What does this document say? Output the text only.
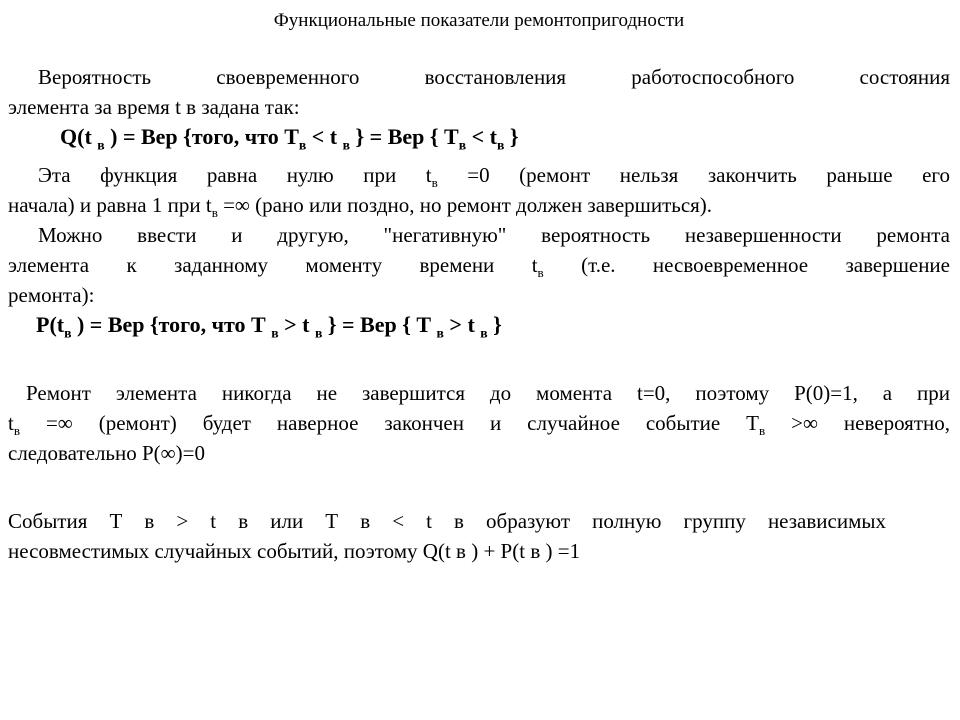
Функциональные показатели ремонтопригодности
Вероятность своевременного восстановления работоспособного состояния
элемента за время t в задана так:
Q(t $_в$ ) = Вер {того, что $Т_в < t$ $_в$ } = Вер { $Т_в < t_в$ }
Эта функция равна нулю при $t_в =0$ (ремонт нельзя закончить раньше его
начала) и равна 1 при $t_в$ =∞ (рано или поздно, но ремонт должен завершиться).
Можно ввести и другую, "негативную" вероятность незавершенности ремонта
элемента к заданному моменту времени $t_в$ (т.е. несвоевременное завершение
ремонта):
$P(t_в$ ) = Вер {того, что Т $_в$ > t $_в$ } = Вер { Т $_в$ > t $_в$ }
Ремонт элемента никогда не завершится до момента t=0, поэтому P(0)=1, а при
$t_в$ =∞ (ремонт) будет наверное закончен и случайное событие $Т_в$ >∞ невероятно,
следовательно P(∞)=0
События Т в > t в или Т в < t в образуют полную группу независимых
несовместимых случайных событий, поэтому Q(t в ) + P(t в ) =1
